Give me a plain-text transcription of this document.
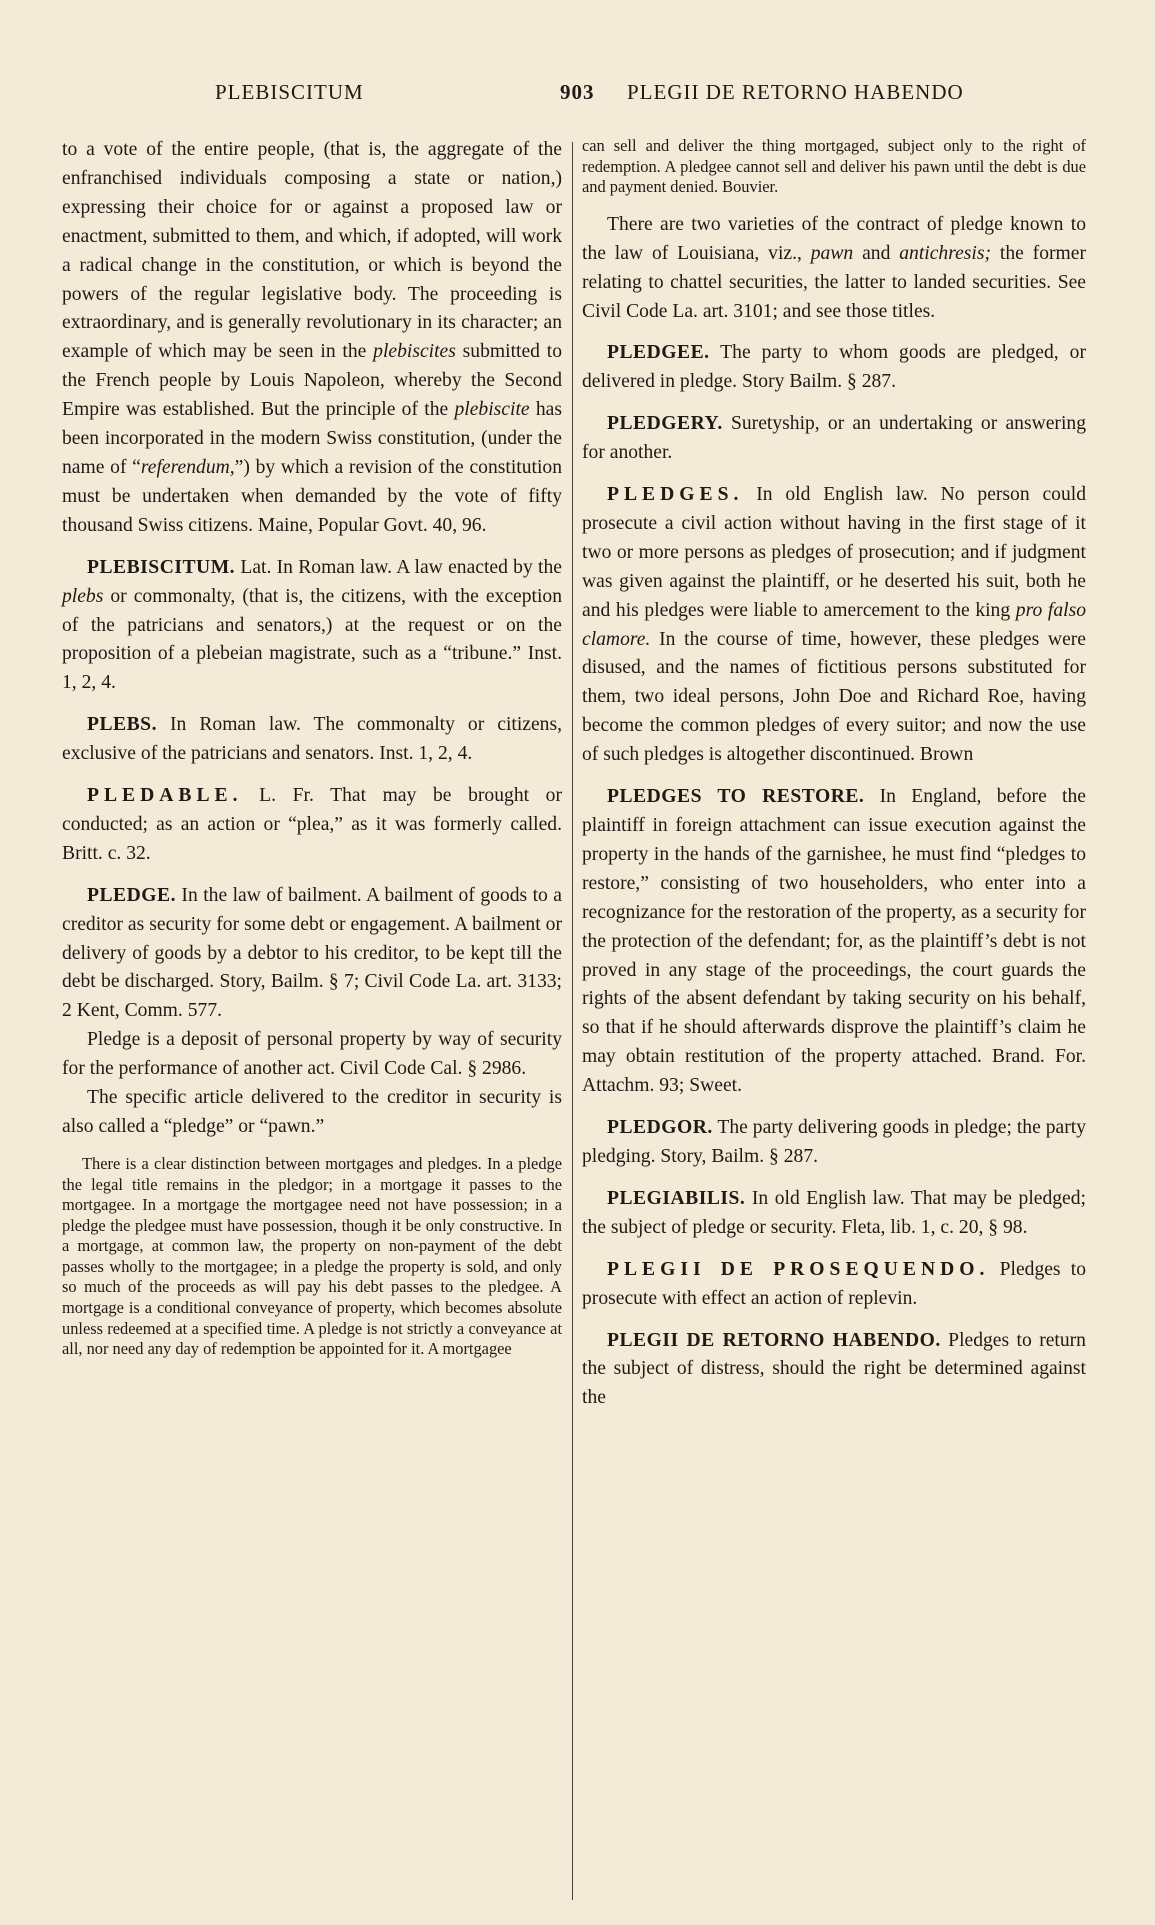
PLEBISCITUM	903 PLEGII DE RETORNO HABENDO

to a vote of the entire people, (that is, the aggregate of the enfranchised individuals composing a state or nation,) expressing their choice for or against a proposed law or enactment, submitted to them, and which, if adopted, will work a radical change in the constitution, or which is beyond the powers of the regular legislative body. The proceeding is extraordinary, and is generally revolutionary in its character; an example of which may be seen in the plebiscites submitted to the French people by Louis Napoleon, whereby the Second Empire was established. But the principle of the plebiscite has been incorporated in the modern Swiss constitution, (under the name of “referendum,”) by which a revision of the constitution must be undertaken when demanded by the vote of fifty thousand Swiss citizens. Maine, Popular Govt. 40, 96.

PLEBISCITUM. Lat. In Roman law. A law enacted by the plebs or commonalty, (that is, the citizens, with the exception of the patricians and senators,) at the request or on the proposition of a plebeian magistrate, such as a “tribune.” Inst. 1, 2, 4.

PLEBS. In Roman law. The commonalty or citizens, exclusive of the patricians and senators. Inst. 1, 2, 4.

PLEDABLE. L. Fr. That may be brought or conducted; as an action or “plea,” as it was formerly called. Britt. c. 32.

PLEDGE. In the law of bailment. A bailment of goods to a creditor as security for some debt or engagement. A bailment or delivery of goods by a debtor to his creditor, to be kept till the debt be discharged. Story, Bailm. § 7; Civil Code La. art. 3133; 2 Kent, Comm. 577.

Pledge is a deposit of personal property by way of security for the performance of another act. Civil Code Cal. § 2986.

The specific article delivered to the creditor in security is also called a “pledge” or “pawn.”

There is a clear distinction between mortgages and pledges. In a pledge the legal title remains in the pledgor; in a mortgage it passes to the mortgagee. In a mortgage the mortgagee need not have possession; in a pledge the pledgee must have possession, though it be only constructive. In a mortgage, at common law, the property on non-payment of the debt passes wholly to the mortgagee; in a pledge the property is sold, and only so much of the proceeds as will pay his debt passes to the pledgee. A mortgage is a conditional conveyance of property, which becomes absolute unless redeemed at a specified time. A pledge is not strictly a conveyance at all, nor need any day of redemption be appointed for it. A mortgagee

can sell and deliver the thing mortgaged, subject only to the right of redemption. A pledgee cannot sell and deliver his pawn until the debt is due and payment denied. Bouvier.

There are two varieties of the contract of pledge known to the law of Louisiana, viz., pawn and antichresis; the former relating to chattel securities, the latter to landed securities. See Civil Code La. art. 3101; and see those titles.

PLEDGEE. The party to whom goods are pledged, or delivered in pledge. Story Bailm. § 287.

PLEDGERY. Suretyship, or an undertaking or answering for another.

PLEDGES. In old English law. No person could prosecute a civil action without having in the first stage of it two or more persons as pledges of prosecution; and if judgment was given against the plaintiff, or he deserted his suit, both he and his pledges were liable to amercement to the king pro falso clamore. In the course of time, however, these pledges were disused, and the names of fictitious persons substituted for them, two ideal persons, John Doe and Richard Roe, having become the common pledges of every suitor; and now the use of such pledges is altogether discontinued. Brown

PLEDGES TO RESTORE. In England, before the plaintiff in foreign attachment can issue execution against the property in the hands of the garnishee, he must find “pledges to restore,” consisting of two householders, who enter into a recognizance for the restoration of the property, as a security for the protection of the defendant; for, as the plaintiff’s debt is not proved in any stage of the proceedings, the court guards the rights of the absent defendant by taking security on his behalf, so that if he should afterwards disprove the plaintiff’s claim he may obtain restitution of the property attached. Brand. For. Attachm. 93; Sweet.

PLEDGOR. The party delivering goods in pledge; the party pledging. Story, Bailm. § 287.

PLEGIABILIS. In old English law. That may be pledged; the subject of pledge or security. Fleta, lib. 1, c. 20, § 98.

PLEGII DE PROSEQUENDO. Pledges to prosecute with effect an action of replevin.

PLEGII DE RETORNO HABENDO. Pledges to return the subject of distress, should the right be determined against the
